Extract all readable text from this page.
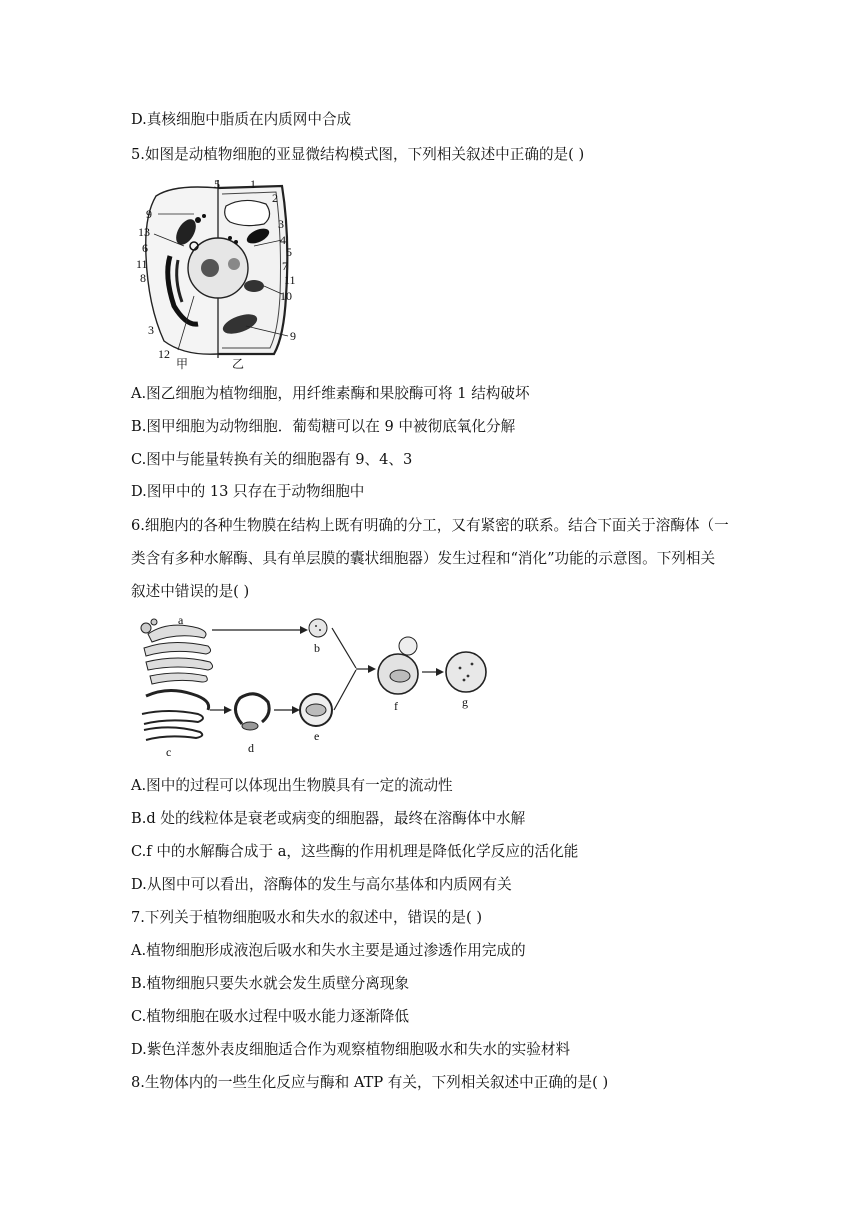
D.真核细胞中脂质在内质网中合成
5.如图是动植物细胞的亚显微结构模式图，下列相关叙述中正确的是( )
5	1
2
9
13
3
6
4
5
11	7
8	11
10
3	9
12
甲	乙
A.图乙细胞为植物细胞，用纤维素酶和果胶酶可将 1 结构破坏
B.图甲细胞为动物细胞．葡萄糖可以在 9 中被彻底氧化分解
C.图中与能量转换有关的细胞器有 9、4、3
D.图甲中的 13 只存在于动物细胞中
6.细胞内的各种生物膜在结构上既有明确的分工，又有紧密的联系。结合下面关于溶酶体（一
类含有多种水解酶、具有单层膜的囊状细胞器）发生过程和“消化”功能的示意图。下列相关
叙述中错误的是( )
a
b
c	d
e
f	g
A.图中的过程可以体现出生物膜具有一定的流动性
B.d 处的线粒体是衰老或病变的细胞器，最终在溶酶体中水解
C.f 中的水解酶合成于 a，这些酶的作用机理是降低化学反应的活化能
D.从图中可以看出，溶酶体的发生与高尔基体和内质网有关
7.下列关于植物细胞吸水和失水的叙述中，错误的是( )
A.植物细胞形成液泡后吸水和失水主要是通过渗透作用完成的
B.植物细胞只要失水就会发生质壁分离现象
C.植物细胞在吸水过程中吸水能力逐渐降低
D.紫色洋葱外表皮细胞适合作为观察植物细胞吸水和失水的实验材料
8.生物体内的一些生化反应与酶和 ATP 有关，下列相关叙述中正确的是( )
